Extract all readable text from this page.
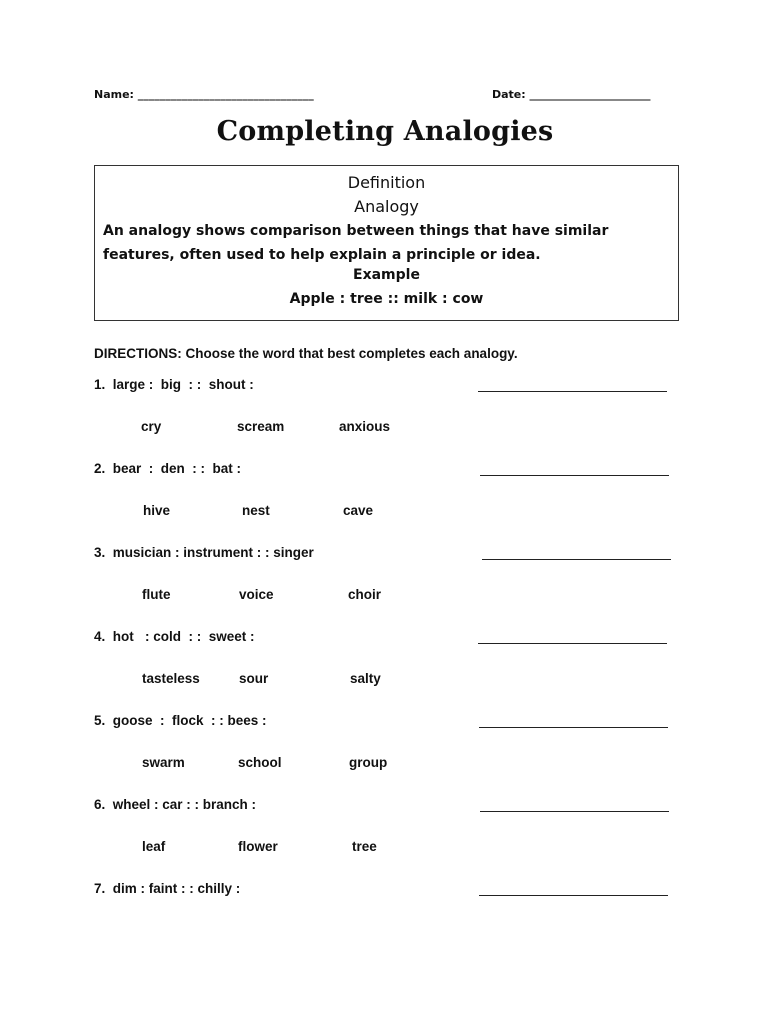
Name: ________________________________	Date: ______________________
Completing Analogies
Definition
Analogy
An analogy shows comparison between things that have similar features, often used to help explain a principle or idea.
Example
Apple : tree :: milk : cow
DIRECTIONS: Choose the word that best completes each analogy.
1.  large :  big  : :  shout :
cry	scream	anxious
2.  bear  :  den  : :  bat :
hive	nest	cave
3.  musician : instrument : : singer
flute	voice	choir
4.  hot   : cold  : :  sweet :
tasteless	sour	salty
5.  goose  :  flock  : : bees :
swarm	school	group
6.  wheel : car : : branch :
leaf	flower	tree
7.  dim : faint : : chilly :
